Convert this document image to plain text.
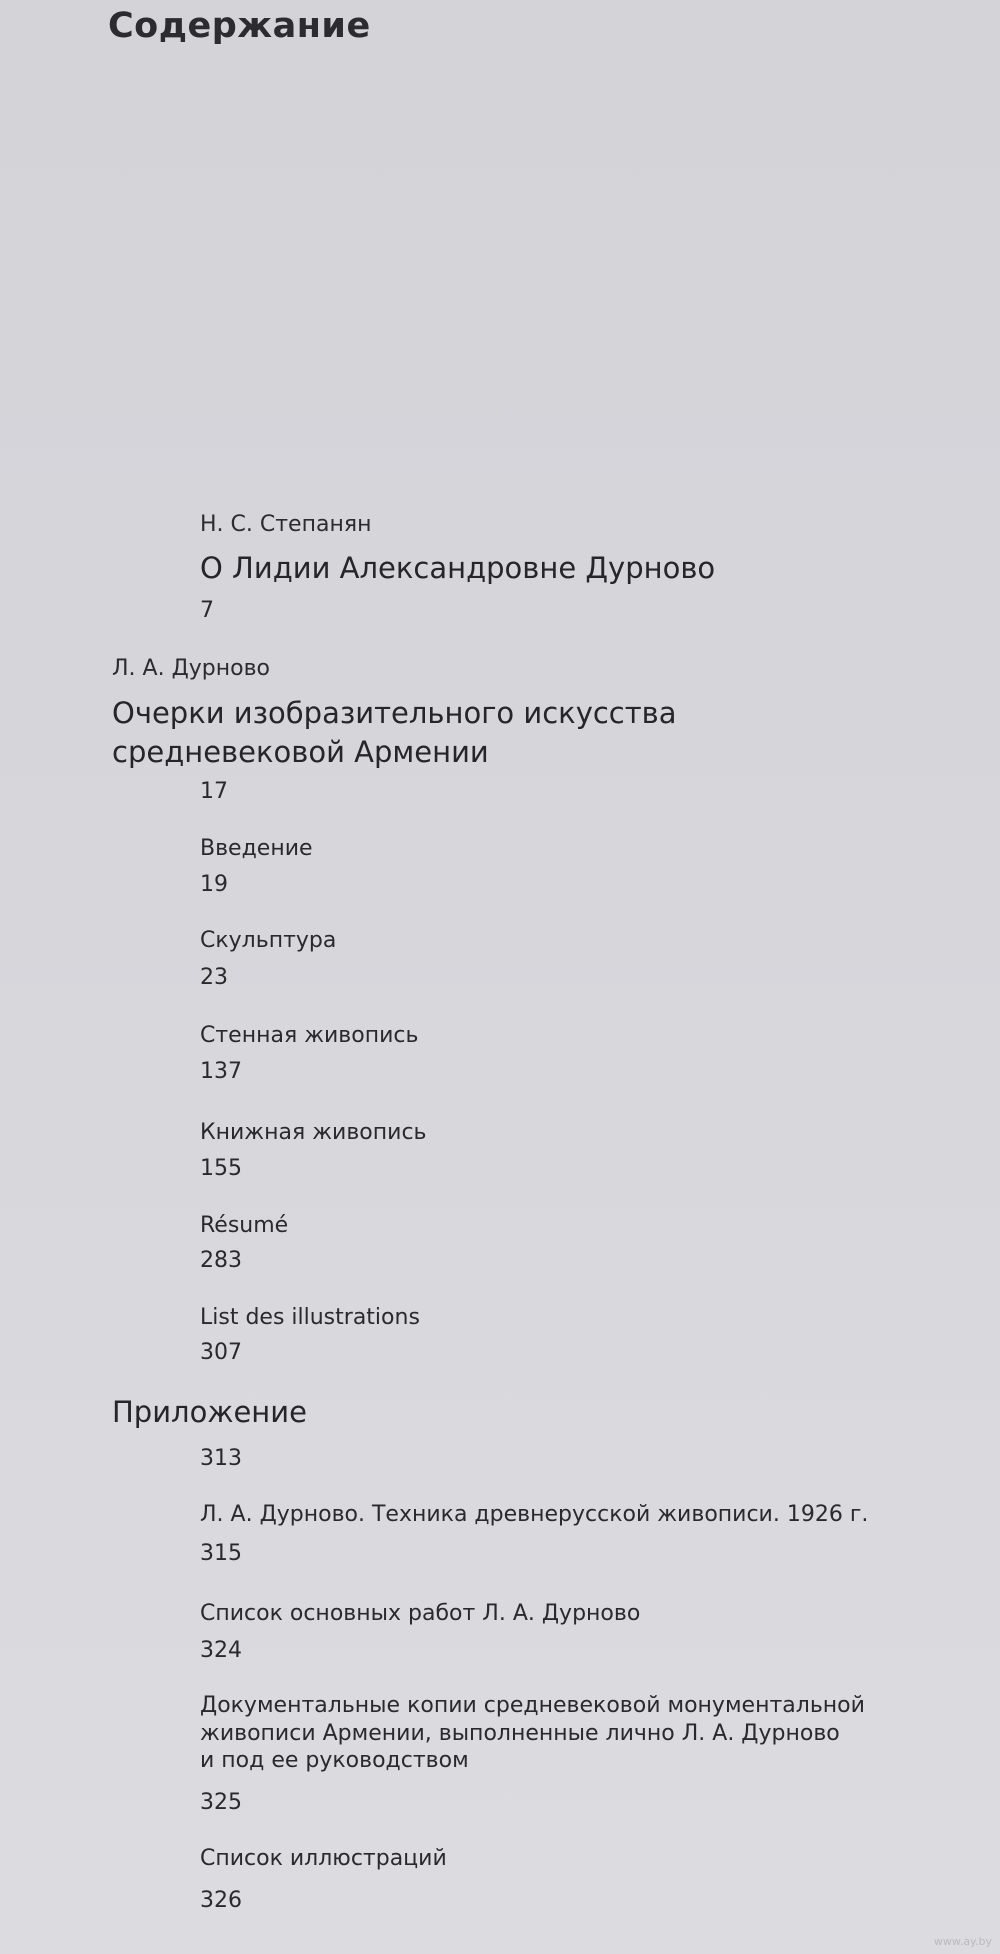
Содержание
Н. С. Степанян
О Лидии Александровне Дурново
7
Л. А. Дурново
Очерки изобразительного искусства
средневековой Армении
17
Введение
19
Скульптура
23
Стенная живопись
137
Книжная живопись
155
Résumé
283
List des illustrations
307
Приложение
313
Л. А. Дурново. Техника древнерусской живописи. 1926 г.
315
Список основных работ Л. А. Дурново
324
Документальные копии средневековой монументальной
живописи Армении, выполненные лично Л. А. Дурново
и под ее руководством
325
Список иллюстраций
326
www.ay.by
